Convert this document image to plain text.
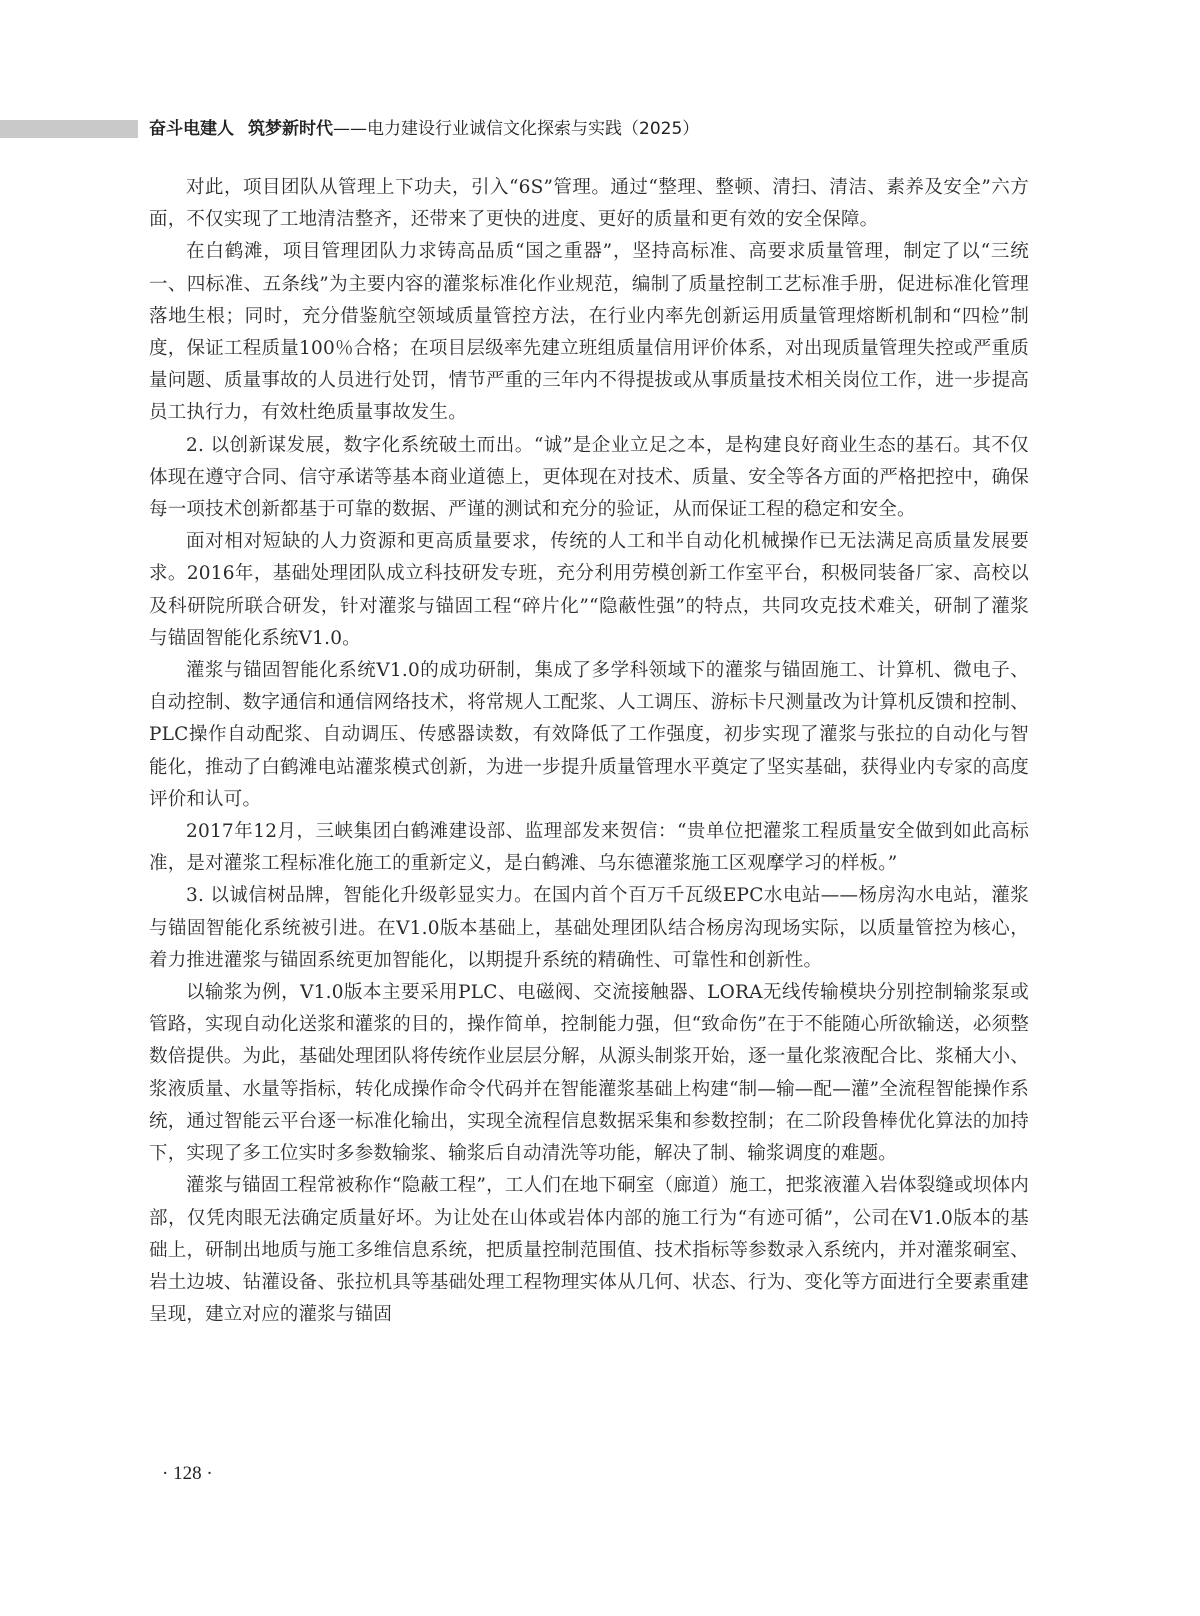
奋斗电建人 筑梦新时代——电力建设行业诚信文化探索与实践（2025）

对此，项目团队从管理上下功夫，引入“6S”管理。通过“整理、整顿、清扫、清洁、素养及安全”六方面，不仅实现了工地清洁整齐，还带来了更快的进度、更好的质量和更有效的安全保障。

在白鹤滩，项目管理团队力求铸高品质“国之重器”，坚持高标准、高要求质量管理，制定了以“三统一、四标准、五条线”为主要内容的灌浆标准化作业规范，编制了质量控制工艺标准手册，促进标准化管理落地生根；同时，充分借鉴航空领域质量管控方法，在行业内率先创新运用质量管理熔断机制和“四检”制度，保证工程质量100％合格；在项目层级率先建立班组质量信用评价体系，对出现质量管理失控或严重质量问题、质量事故的人员进行处罚，情节严重的三年内不得提拔或从事质量技术相关岗位工作，进一步提高员工执行力，有效杜绝质量事故发生。

2. 以创新谋发展，数字化系统破土而出。“诚”是企业立足之本，是构建良好商业生态的基石。其不仅体现在遵守合同、信守承诺等基本商业道德上，更体现在对技术、质量、安全等各方面的严格把控中，确保每一项技术创新都基于可靠的数据、严谨的测试和充分的验证，从而保证工程的稳定和安全。

面对相对短缺的人力资源和更高质量要求，传统的人工和半自动化机械操作已无法满足高质量发展要求。2016年，基础处理团队成立科技研发专班，充分利用劳模创新工作室平台，积极同装备厂家、高校以及科研院所联合研发，针对灌浆与锚固工程“碎片化”“隐蔽性强”的特点，共同攻克技术难关，研制了灌浆与锚固智能化系统V1.0。

灌浆与锚固智能化系统V1.0的成功研制，集成了多学科领域下的灌浆与锚固施工、计算机、微电子、自动控制、数字通信和通信网络技术，将常规人工配浆、人工调压、游标卡尺测量改为计算机反馈和控制、PLC操作自动配浆、自动调压、传感器读数，有效降低了工作强度，初步实现了灌浆与张拉的自动化与智能化，推动了白鹤滩电站灌浆模式创新，为进一步提升质量管理水平奠定了坚实基础，获得业内专家的高度评价和认可。

2017年12月，三峡集团白鹤滩建设部、监理部发来贺信：“贵单位把灌浆工程质量安全做到如此高标准，是对灌浆工程标准化施工的重新定义，是白鹤滩、乌东德灌浆施工区观摩学习的样板。”

3. 以诚信树品牌，智能化升级彰显实力。在国内首个百万千瓦级EPC水电站——杨房沟水电站，灌浆与锚固智能化系统被引进。在V1.0版本基础上，基础处理团队结合杨房沟现场实际，以质量管控为核心，着力推进灌浆与锚固系统更加智能化，以期提升系统的精确性、可靠性和创新性。

以输浆为例，V1.0版本主要采用PLC、电磁阀、交流接触器、LORA无线传输模块分别控制输浆泵或管路，实现自动化送浆和灌浆的目的，操作简单，控制能力强，但“致命伤”在于不能随心所欲输送，必须整数倍提供。为此，基础处理团队将传统作业层层分解，从源头制浆开始，逐一量化浆液配合比、浆桶大小、浆液质量、水量等指标，转化成操作命令代码并在智能灌浆基础上构建“制—输—配—灌”全流程智能操作系统，通过智能云平台逐一标准化输出，实现全流程信息数据采集和参数控制；在二阶段鲁棒优化算法的加持下，实现了多工位实时多参数输浆、输浆后自动清洗等功能，解决了制、输浆调度的难题。

灌浆与锚固工程常被称作“隐蔽工程”，工人们在地下硐室（廊道）施工，把浆液灌入岩体裂缝或坝体内部，仅凭肉眼无法确定质量好坏。为让处在山体或岩体内部的施工行为“有迹可循”，公司在V1.0版本的基础上，研制出地质与施工多维信息系统，把质量控制范围值、技术指标等参数录入系统内，并对灌浆硐室、岩土边坡、钻灌设备、张拉机具等基础处理工程物理实体从几何、状态、行为、变化等方面进行全要素重建呈现，建立对应的灌浆与锚固

· 128 ·
